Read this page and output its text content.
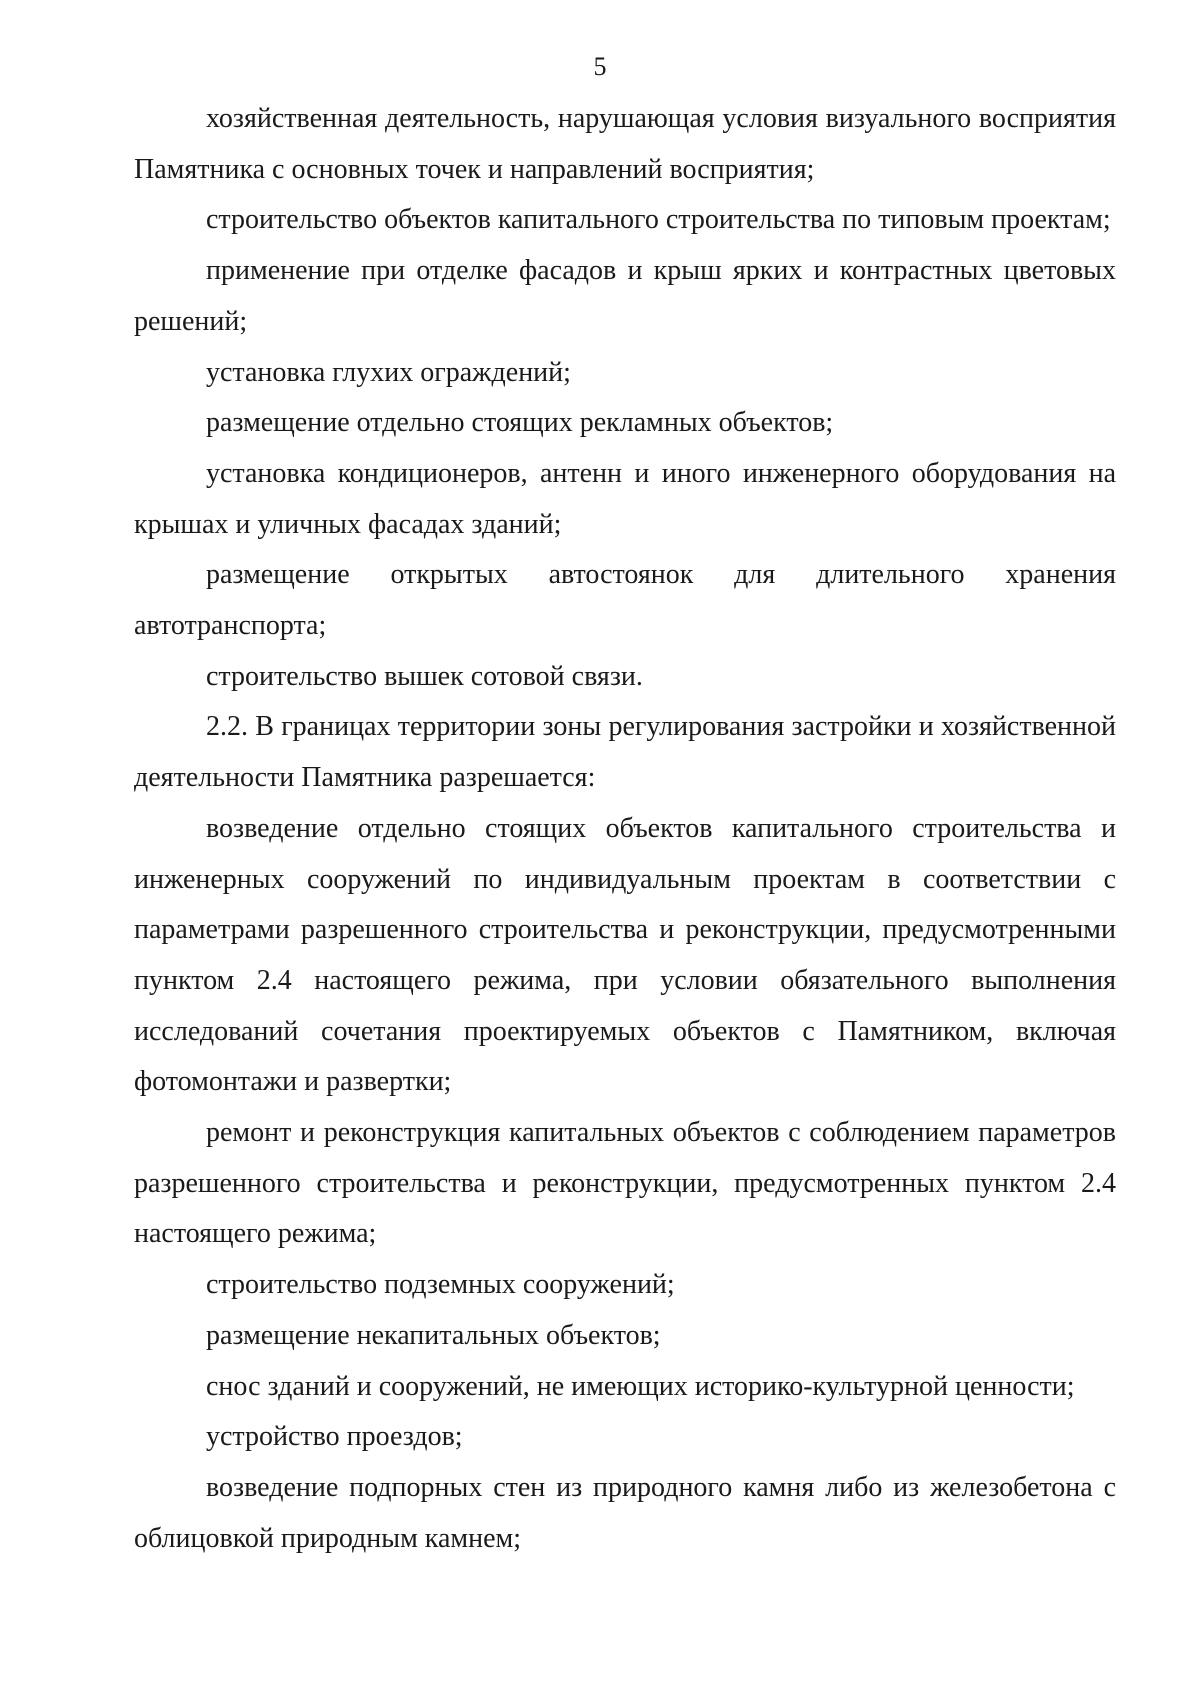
5

хозяйственная деятельность, нарушающая условия визуального восприятия Памятника с основных точек и направлений восприятия;

строительство объектов капитального строительства по типовым проектам;

применение при отделке фасадов и крыш ярких и контрастных цветовых решений;

установка глухих ограждений;

размещение отдельно стоящих рекламных объектов;

установка кондиционеров, антенн и иного инженерного оборудования на крышах и уличных фасадах зданий;

размещение открытых автостоянок для длительного хранения автотранспорта;

строительство вышек сотовой связи.

2.2. В границах территории зоны регулирования застройки и хозяйственной деятельности Памятника разрешается:

возведение отдельно стоящих объектов капитального строительства и инженерных сооружений по индивидуальным проектам в соответствии с параметрами разрешенного строительства и реконструкции, предусмотренными пунктом 2.4 настоящего режима, при условии обязательного выполнения исследований сочетания проектируемых объектов с Памятником, включая фотомонтажи и развертки;

ремонт и реконструкция капитальных объектов с соблюдением параметров разрешенного строительства и реконструкции, предусмотренных пунктом 2.4 настоящего режима;

строительство подземных сооружений;

размещение некапитальных объектов;

снос зданий и сооружений, не имеющих историко-культурной ценности;

устройство проездов;

возведение подпорных стен из природного камня либо из железобетона с облицовкой природным камнем;
